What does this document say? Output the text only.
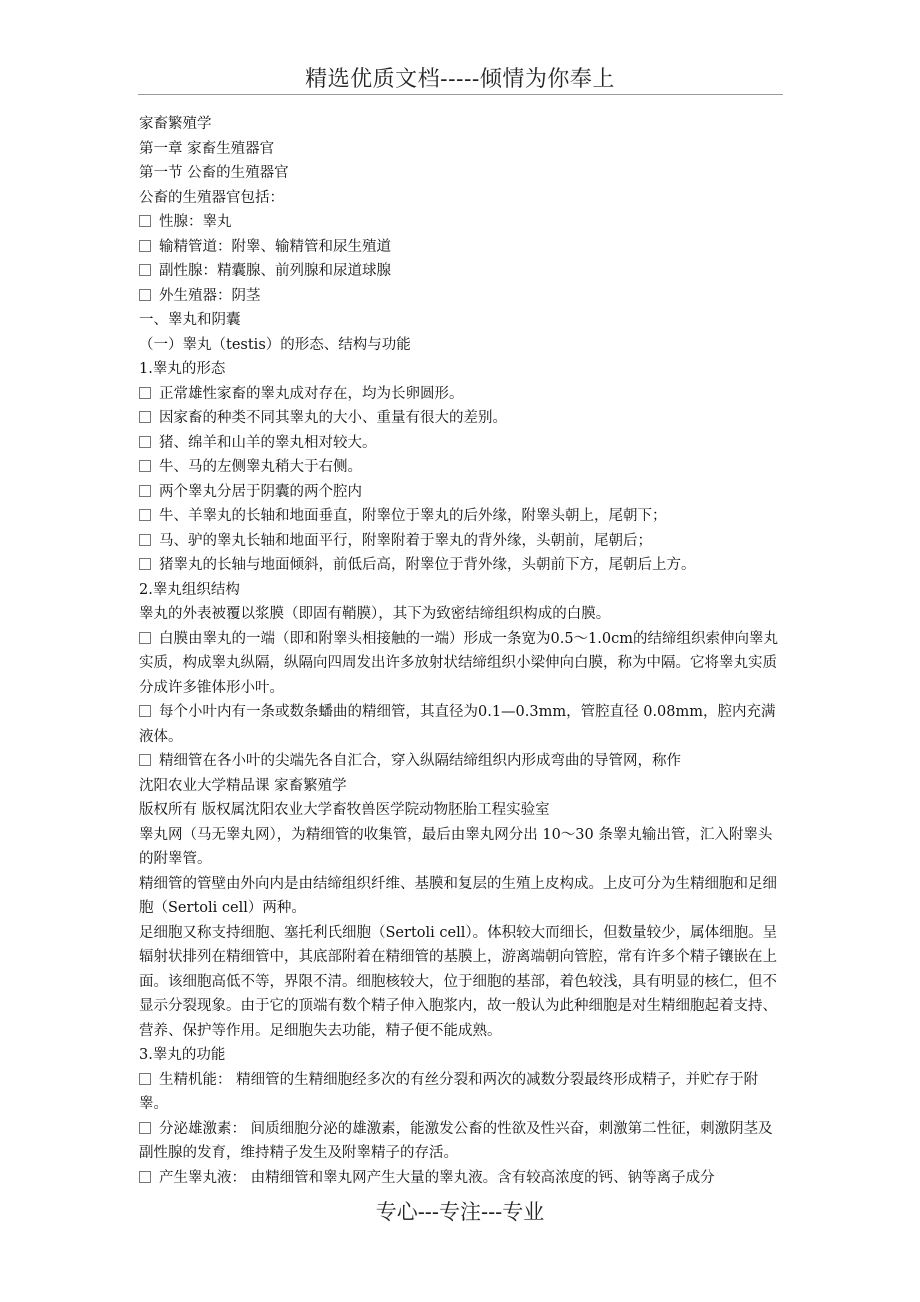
精选优质文档-----倾情为你奉上

家畜繁殖学

第一章 家畜生殖器官

第一节 公畜的生殖器官

公畜的生殖器官包括：

性腺：睾丸

输精管道：附睾、输精管和尿生殖道

副性腺：精囊腺、前列腺和尿道球腺

外生殖器：阴茎

一、睾丸和阴囊

（一）睾丸（testis）的形态、结构与功能

1.睾丸的形态

正常雄性家畜的睾丸成对存在，均为长卵圆形。

因家畜的种类不同其睾丸的大小、重量有很大的差别。

猪、绵羊和山羊的睾丸相对较大。

牛、马的左侧睾丸稍大于右侧。

两个睾丸分居于阴囊的两个腔内

牛、羊睾丸的长轴和地面垂直，附睾位于睾丸的后外缘，附睾头朝上，尾朝下；

马、驴的睾丸长轴和地面平行，附睾附着于睾丸的背外缘，头朝前，尾朝后；

猪睾丸的长轴与地面倾斜，前低后高，附睾位于背外缘，头朝前下方，尾朝后上方。

2.睾丸组织结构

睾丸的外表被覆以浆膜（即固有鞘膜），其下为致密结缔组织构成的白膜。

白膜由睾丸的一端（即和附睾头相接触的一端）形成一条宽为0.5～1.0cm的结缔组织索伸向睾丸实质，构成睾丸纵隔，纵隔向四周发出许多放射状结缔组织小梁伸向白膜，称为中隔。它将睾丸实质分成许多锥体形小叶。

每个小叶内有一条或数条蟠曲的精细管，其直径为0.1—0.3mm，管腔直径 0.08mm，腔内充满液体。

精细管在各小叶的尖端先各自汇合，穿入纵隔结缔组织内形成弯曲的导管网，称作

沈阳农业大学精品课 家畜繁殖学

版权所有 版权属沈阳农业大学畜牧兽医学院动物胚胎工程实验室

睾丸网（马无睾丸网），为精细管的收集管，最后由睾丸网分出 10～30 条睾丸输出管，汇入附睾头的附睾管。

精细管的管壁由外向内是由结缔组织纤维、基膜和复层的生殖上皮构成。上皮可分为生精细胞和足细胞（Sertoli cell）两种。

足细胞又称支持细胞、塞托利氏细胞（Sertoli cell）。体积较大而细长，但数量较少，属体细胞。呈辐射状排列在精细管中，其底部附着在精细管的基膜上，游离端朝向管腔，常有许多个精子镶嵌在上面。该细胞高低不等，界限不清。细胞核较大，位于细胞的基部，着色较浅，具有明显的核仁，但不显示分裂现象。由于它的顶端有数个精子伸入胞浆内，故一般认为此种细胞是对生精细胞起着支持、营养、保护等作用。足细胞失去功能，精子便不能成熟。

3.睾丸的功能

生精机能： 精细管的生精细胞经多次的有丝分裂和两次的减数分裂最终形成精子，并贮存于附睾。

分泌雄激素： 间质细胞分泌的雄激素，能激发公畜的性欲及性兴奋，刺激第二性征，刺激阴茎及副性腺的发育，维持精子发生及附睾精子的存活。

产生睾丸液： 由精细管和睾丸网产生大量的睾丸液。含有较高浓度的钙、钠等离子成分

专心---专注---专业
